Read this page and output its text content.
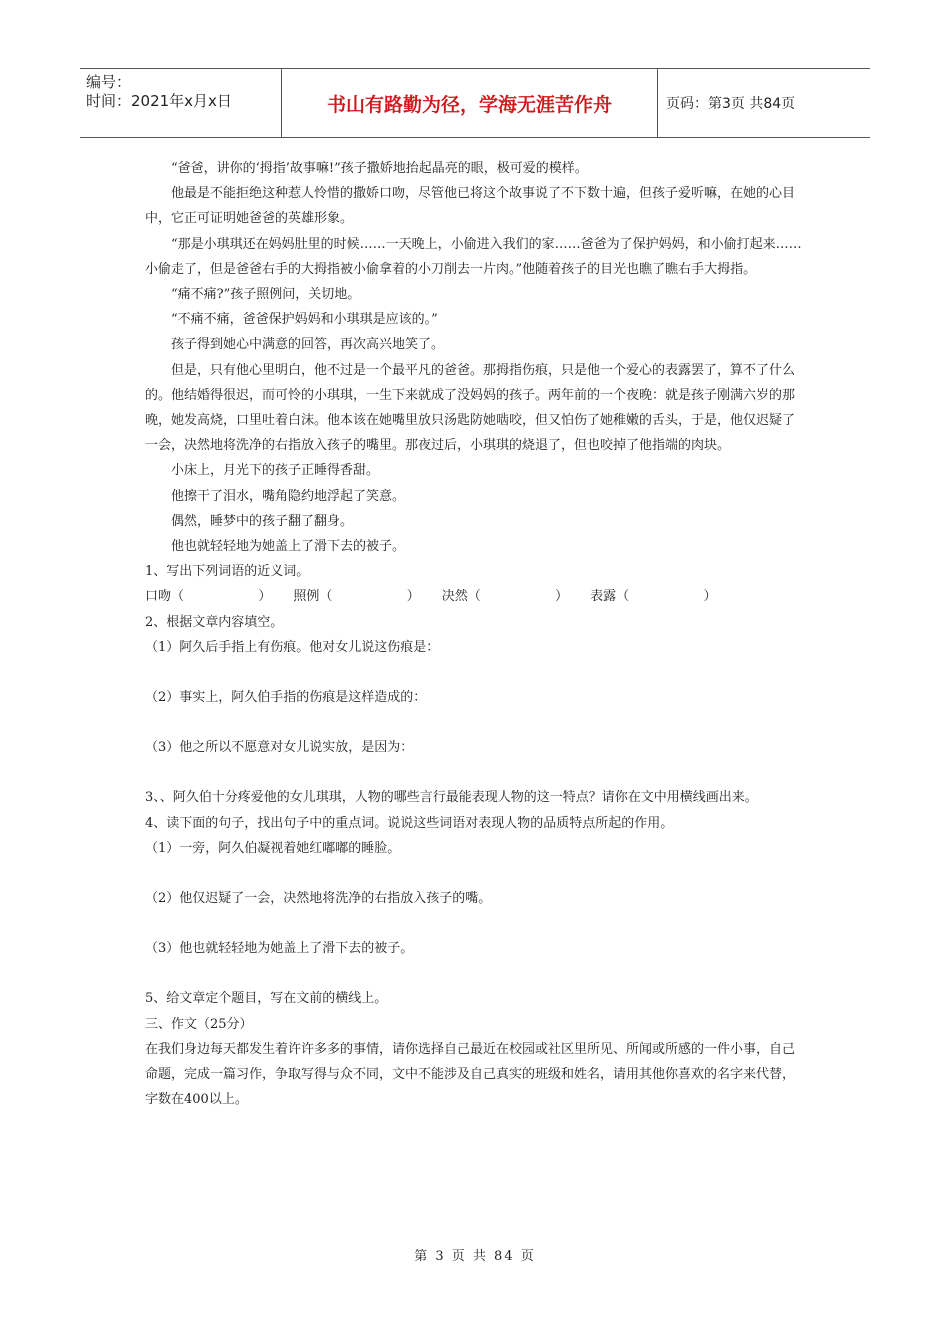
编号：
时间：2021年x月x日	书山有路勤为径，学海无涯苦作舟	页码：第3页 共84页

“爸爸，讲你的‘拇指’故事嘛!”孩子撒娇地抬起晶亮的眼，极可爱的模样。

他最是不能拒绝这种惹人怜惜的撒娇口吻，尽管他已将这个故事说了不下数十遍，但孩子爱听嘛，在她的心目中，它正可证明她爸爸的英雄形象。

“那是小琪琪还在妈妈肚里的时候……一天晚上，小偷进入我们的家……爸爸为了保护妈妈，和小偷打起来……小偷走了，但是爸爸右手的大拇指被小偷拿着的小刀削去一片肉。”他随着孩子的目光也瞧了瞧右手大拇指。

“痛不痛?”孩子照例问，关切地。

“不痛不痛，爸爸保护妈妈和小琪琪是应该的。”

孩子得到她心中满意的回答，再次高兴地笑了。

但是，只有他心里明白，他不过是一个最平凡的爸爸。那拇指伤痕，只是他一个爱心的表露罢了，算不了什么的。他结婚得很迟，而可怜的小琪琪，一生下来就成了没妈妈的孩子。两年前的一个夜晚：就是孩子刚满六岁的那晚，她发高烧，口里吐着白沫。他本该在她嘴里放只汤匙防她啮咬，但又怕伤了她稚嫩的舌头，于是，他仅迟疑了一会，决然地将洗净的右指放入孩子的嘴里。那夜过后，小琪琪的烧退了，但也咬掉了他指端的肉块。

小床上，月光下的孩子正睡得香甜。

他擦干了泪水，嘴角隐约地浮起了笑意。

偶然，睡梦中的孩子翻了翻身。

他也就轻轻地为她盖上了滑下去的被子。

1、写出下列词语的近义词。

口吻（                  ） 照例（                  ） 决然（                  ） 表露（                  ）

2、根据文章内容填空。

（1）阿久后手指上有伤痕。他对女儿说这伤痕是：

（2）事实上，阿久伯手指的伤痕是这样造成的：

（3）他之所以不愿意对女儿说实放，是因为：

3、、阿久伯十分疼爱他的女儿琪琪，人物的哪些言行最能表现人物的这一特点？请你在文中用横线画出来。

4、读下面的句子，找出句子中的重点词。说说这些词语对表现人物的品质特点所起的作用。

（1）一旁，阿久伯凝视着她红嘟嘟的睡脸。

（2）他仅迟疑了一会，决然地将洗净的右指放入孩子的嘴。

（3）他也就轻轻地为她盖上了滑下去的被子。

5、给文章定个题目，写在文前的横线上。

三、作文（25分）

在我们身边每天都发生着许许多多的事情，请你选择自己最近在校园或社区里所见、所闻或所感的一件小事，自己命题，完成一篇习作，争取写得与众不同，文中不能涉及自己真实的班级和姓名，请用其他你喜欢的名字来代替，字数在400以上。

第 3 页 共 84 页
